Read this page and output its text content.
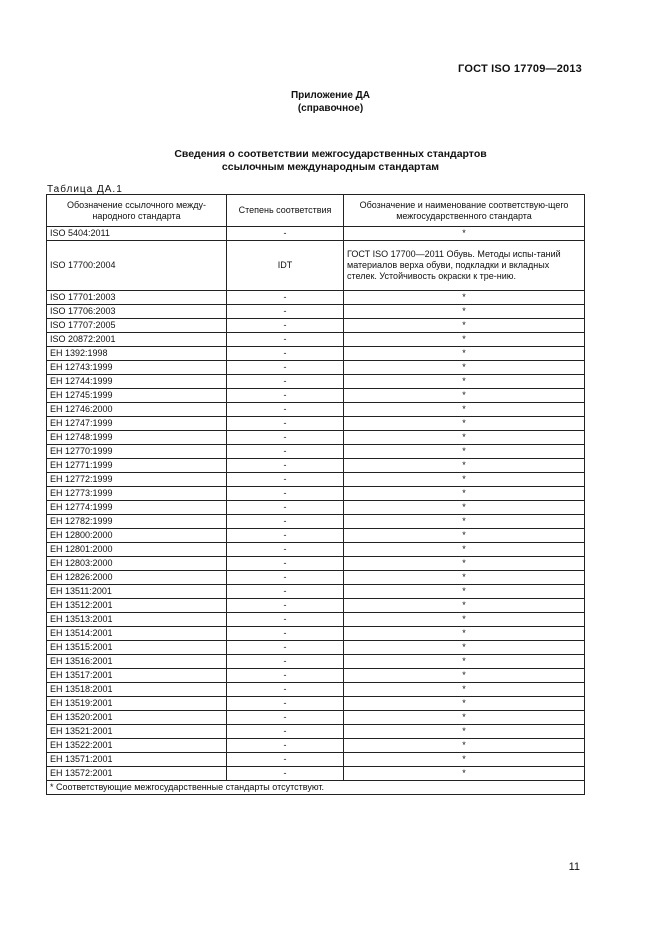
ГОСТ ISO 17709—2013
Приложение ДА
(справочное)
Сведения о соответствии межгосударственных стандартов
ссылочным международным стандартам
Таблица ДА.1
Обозначение ссылочного междy-народного стандарта	Степень соответствия	Обозначение и наименование соответствую-щего межгосударственного стандарта
ISO 5404:2011	-	*
ISO 17700:2004	IDT	ГОСТ ISO 17700—2011 Обувь. Методы испы-таний материалов верха обуви, подкладки и вкладных стелек. Устойчивость окраски к тре-нию.
ISO 17701:2003	-	*
ISO 17706:2003	-	*
ISO 17707:2005	-	*
ISO 20872:2001	-	*
ЕН 1392:1998	-	*
ЕН 12743:1999	-	*
ЕН 12744:1999	-	*
ЕН 12745:1999	-	*
ЕН 12746:2000	-	*
ЕН 12747:1999	-	*
ЕН 12748:1999	-	*
ЕН 12770:1999	-	*
ЕН 12771:1999	-	*
ЕН 12772:1999	-	*
ЕН 12773:1999	-	*
ЕН 12774:1999	-	*
ЕН 12782:1999	-	*
ЕН 12800:2000	-	*
ЕН 12801:2000	-	*
ЕН 12803:2000	-	*
ЕН 12826:2000	-	*
ЕН 13511:2001	-	*
ЕН 13512:2001	-	*
ЕН 13513:2001	-	*
ЕН 13514:2001	-	*
ЕН 13515:2001	-	*
ЕН 13516:2001	-	*
ЕН 13517:2001	-	*
ЕН 13518:2001	-	*
ЕН 13519:2001	-	*
ЕН 13520:2001	-	*
ЕН 13521:2001	-	*
ЕН 13522:2001	-	*
ЕН 13571:2001	-	*
ЕН 13572:2001	-	*
* Соответствующие межгосударственные стандарты отсутствуют.		
11
